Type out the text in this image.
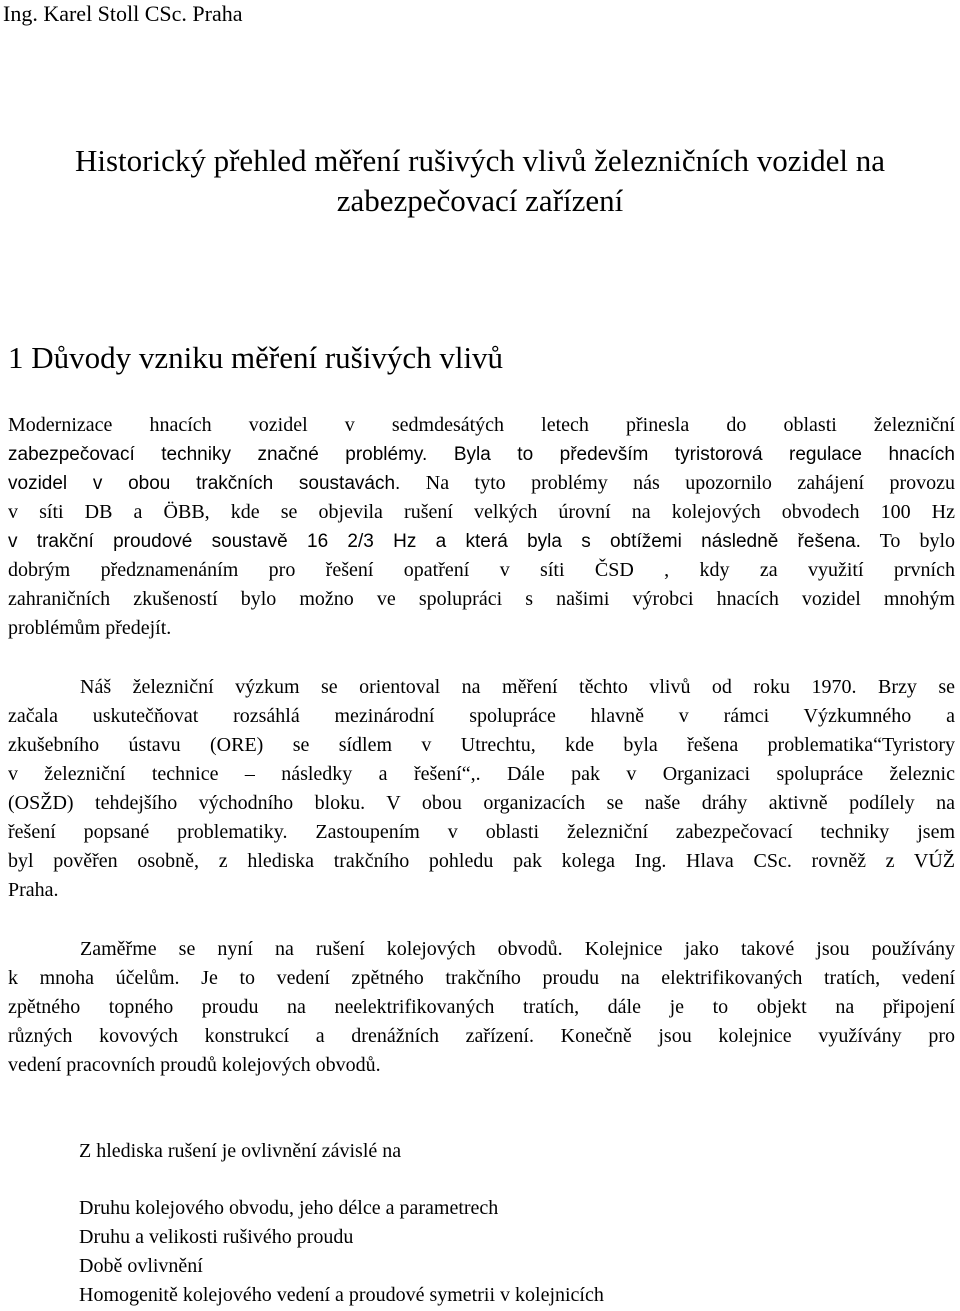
Ing. Karel Stoll CSc. Praha
Historický přehled měření rušivých vlivů železničních vozidel na
zabezpečovací zařízení
1 Důvody vzniku měření rušivých vlivů
Modernizace hnacích vozidel v sedmdesátých letech přinesla do oblasti železniční
zabezpečovací techniky značné problémy. Byla to především tyristorová regulace hnacích
vozidel v obou trakčních soustavách. Na tyto problémy nás upozornilo zahájení provozu
v síti DB a ÖBB, kde se objevila rušení velkých úrovní na kolejových obvodech 100 Hz
v trakční proudové soustavě 16 2/3 Hz a která byla s obtížemi následně řešena. To bylo
dobrým předznamenáním pro řešení opatření v síti ČSD , kdy za využití prvních
zahraničních zkušeností bylo možno ve spolupráci s našimi výrobci hnacích vozidel mnohým
problémům předejít.
Náš železniční výzkum se orientoval na měření těchto vlivů od roku 1970. Brzy se
začala uskutečňovat rozsáhlá mezinárodní spolupráce hlavně v rámci Výzkumného a
zkušebního ústavu (ORE) se sídlem v Utrechtu, kde byla řešena problematika“Tyristory
v železniční technice – následky a řešení“,. Dále pak v Organizaci spolupráce železnic
(OSŽD) tehdejšího východního bloku. V obou organizacích se naše dráhy aktivně podílely na
řešení popsané problematiky. Zastoupením v oblasti železniční zabezpečovací techniky jsem
byl pověřen osobně, z hlediska trakčního pohledu pak kolega Ing. Hlava CSc. rovněž z VÚŽ
Praha.
Zaměřme se nyní na rušení kolejových obvodů. Kolejnice jako takové jsou používány
k mnoha účelům. Je to vedení zpětného trakčního proudu na elektrifikovaných tratích, vedení
zpětného topného proudu na neelektrifikovaných tratích, dále je to objekt na připojení
různých kovových konstrukcí a drenážních zařízení. Konečně jsou kolejnice využívány pro
vedení pracovních proudů kolejových obvodů.
Z hlediska rušení je ovlivnění závislé na
Druhu kolejového obvodu, jeho délce a parametrech
Druhu a velikosti rušivého proudu
Době ovlivnění
Homogenitě kolejového vedení a proudové symetrii v kolejnicích
